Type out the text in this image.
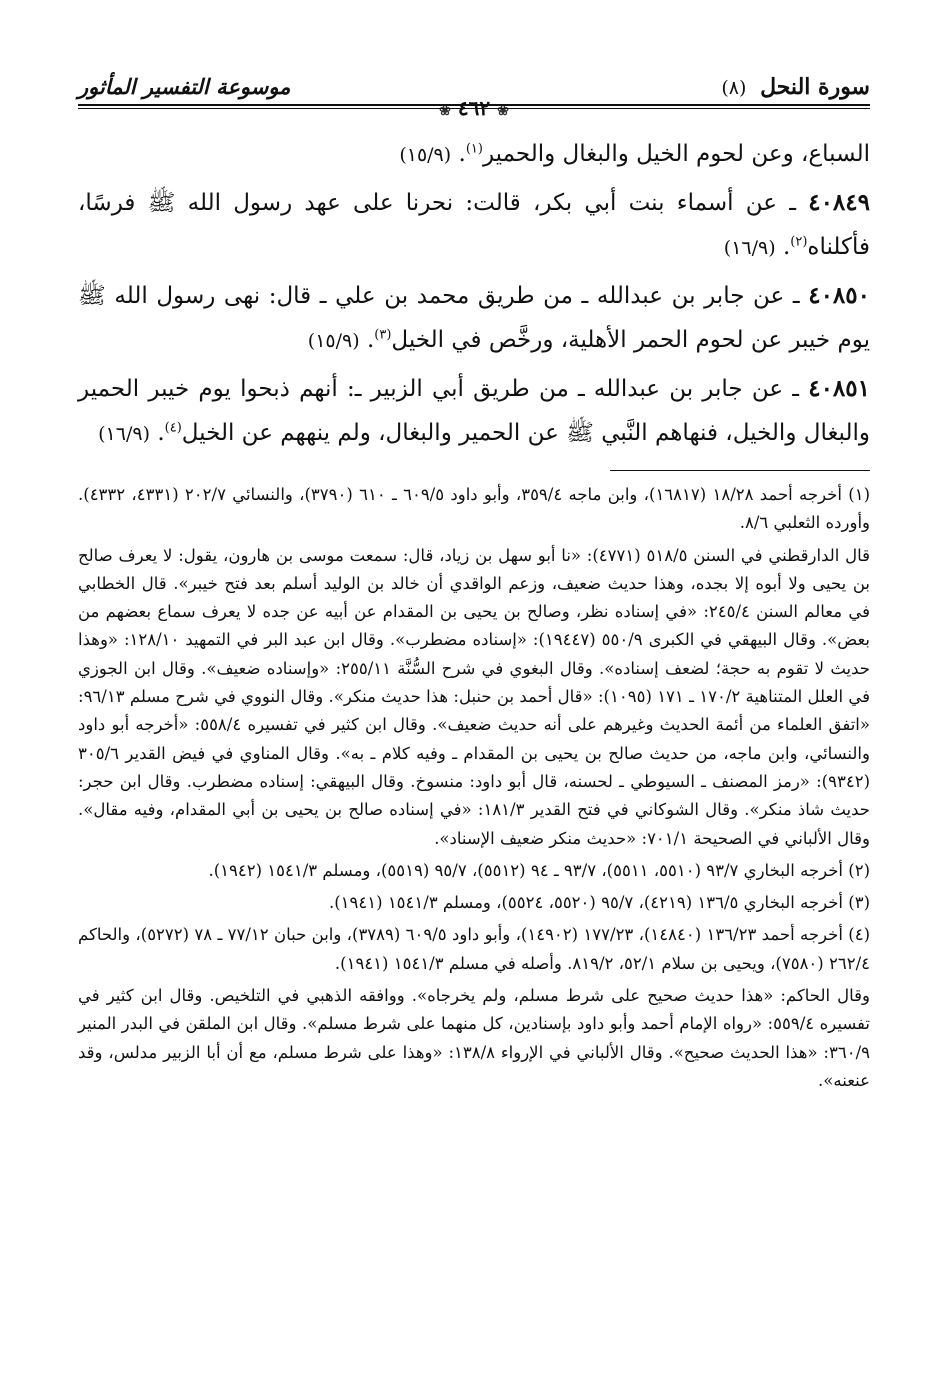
سورة النحل (٨)
❀ ٤٦٢ ❀
موسوعة التفسير المأثور

السباع، وعن لحوم الخيل والبغال والحمير$^{(١)}$. (١٥/٩)

٤٠٨٤٩ ـ عن أسماء بنت أبي بكر، قالت: نحرنا على عهد رسول الله ﷺ فرسًا، فأكلناه$^{(٢)}$. (١٦/٩)

٤٠٨٥٠ ـ عن جابر بن عبدالله ـ من طريق محمد بن علي ـ قال: نهى رسول الله ﷺ يوم خيبر عن لحوم الحمر الأهلية، ورخَّص في الخيل$^{(٣)}$. (١٥/٩)

٤٠٨٥١ ـ عن جابر بن عبدالله ـ من طريق أبي الزبير ـ: أنهم ذبحوا يوم خيبر الحمير والبغال والخيل، فنهاهم النَّبي ﷺ عن الحمير والبغال، ولم ينههم عن الخيل$^{(٤)}$. (١٦/٩)

(١) أخرجه أحمد ١٨/٢٨ (١٦٨١٧)، وابن ماجه ٣٥٩/٤، وأبو داود ٦٠٩/٥ ـ ٦١٠ (٣٧٩٠)، والنسائي ٢٠٢/٧ (٤٣٣١، ٤٣٣٢). وأورده الثعلبي ٨/٦.

قال الدارقطني في السنن ٥١٨/٥ (٤٧٧١): «نا أبو سهل بن زياد، قال: سمعت موسى بن هارون، يقول: لا يعرف صالح بن يحيى ولا أبوه إلا بجده، وهذا حديث ضعيف، وزعم الواقدي أن خالد بن الوليد أسلم بعد فتح خيبر». قال الخطابي في معالم السنن ٢٤٥/٤: «في إسناده نظر، وصالح بن يحيى بن المقدام عن أبيه عن جده لا يعرف سماع بعضهم من بعض». وقال البيهقي في الكبرى ٥٥٠/٩ (١٩٤٤٧): «إسناده مضطرب». وقال ابن عبد البر في التمهيد ١٢٨/١٠: «وهذا حديث لا تقوم به حجة؛ لضعف إسناده». وقال البغوي في شرح السُّنَّة ٢٥٥/١١: «وإسناده ضعيف». وقال ابن الجوزي في العلل المتناهية ١٧٠/٢ ـ ١٧١ (١٠٩٥): «قال أحمد بن حنبل: هذا حديث منكر». وقال النووي في شرح مسلم ٩٦/١٣: «اتفق العلماء من أئمة الحديث وغيرهم على أنه حديث ضعيف». وقال ابن كثير في تفسيره ٥٥٨/٤: «أخرجه أبو داود والنسائي، وابن ماجه، من حديث صالح بن يحيى بن المقدام ـ وفيه كلام ـ به». وقال المناوي في فيض القدير ٣٠٥/٦ (٩٣٤٢): «رمز المصنف ـ السيوطي ـ لحسنه، قال أبو داود: منسوخ. وقال البيهقي: إسناده مضطرب. وقال ابن حجر: حديث شاذ منكر». وقال الشوكاني في فتح القدير ١٨١/٣: «في إسناده صالح بن يحيى بن أبي المقدام، وفيه مقال». وقال الألباني في الصحيحة ٧٠١/١: «حديث منكر ضعيف الإسناد».

(٢) أخرجه البخاري ٩٣/٧ (٥٥١٠، ٥٥١١)، ٩٣/٧ ـ ٩٤ (٥٥١٢)، ٩٥/٧ (٥٥١٩)، ومسلم ١٥٤١/٣ (١٩٤٢).

(٣) أخرجه البخاري ١٣٦/٥ (٤٢١٩)، ٩٥/٧ (٥٥٢٠، ٥٥٢٤)، ومسلم ١٥٤١/٣ (١٩٤١).

(٤) أخرجه أحمد ١٣٦/٢٣ (١٤٨٤٠)، ١٧٧/٢٣ (١٤٩٠٢)، وأبو داود ٦٠٩/٥ (٣٧٨٩)، وابن حبان ٧٧/١٢ ـ ٧٨ (٥٢٧٢)، والحاكم ٢٦٢/٤ (٧٥٨٠)، ويحيى بن سلام ٥٢/١، ٨١٩/٢. وأصله في مسلم ١٥٤١/٣ (١٩٤١).

وقال الحاكم: «هذا حديث صحيح على شرط مسلم، ولم يخرجاه». ووافقه الذهبي في التلخيص. وقال ابن كثير في تفسيره ٥٥٩/٤: «رواه الإمام أحمد وأبو داود بإسنادين، كل منهما على شرط مسلم». وقال ابن الملقن في البدر المنير ٣٦٠/٩: «هذا الحديث صحيح». وقال الألباني في الإرواء ١٣٨/٨: «وهذا على شرط مسلم، مع أن أبا الزبير مدلس، وقد عنعنه».
